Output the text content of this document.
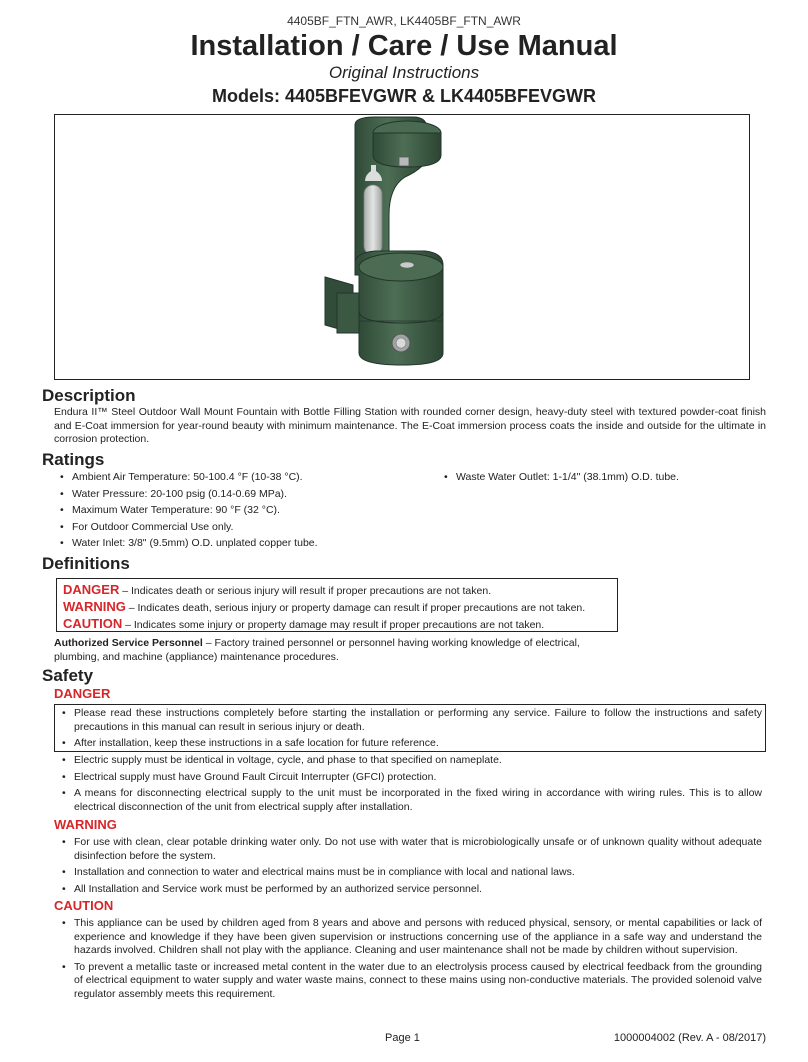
4405BF_FTN_AWR, LK4405BF_FTN_AWR
Installation / Care / Use Manual
Original Instructions
Models: 4405BFEVGWR & LK4405BFEVGWR
Description

Endura II™ Steel Outdoor Wall Mount Fountain with Bottle Filling Station with rounded corner design, heavy-duty steel with textured powder-coat finish and E-Coat immersion for year-round beauty with minimum maintenance. The E-Coat immersion process coats the inside and outside for the ultimate in corrosion protection.

Ratings
• Ambient Air Temperature: 50-100.4 °F (10-38 °C).
• Water Pressure: 20-100 psig (0.14-0.69 MPa).
• Maximum Water Temperature: 90 °F (32 °C).
• For Outdoor Commercial Use only.
• Water Inlet: 3/8" (9.5mm) O.D. unplated copper tube.
• Waste Water Outlet: 1-1/4" (38.1mm) O.D. tube.
Definitions
DANGER – Indicates death or serious injury will result if proper precautions are not taken.
WARNING – Indicates death, serious injury or property damage can result if proper precautions are not taken.
CAUTION – Indicates some injury or property damage may result if proper precautions are not taken.

Authorized Service Personnel – Factory trained personnel or personnel having working knowledge of electrical, plumbing, and machine (appliance) maintenance procedures.

Safety
DANGER
• Please read these instructions completely before starting the installation or performing any service. Failure to follow the instructions and safety precautions in this manual can result in serious injury or death.
• After installation, keep these instructions in a safe location for future reference.
• Electric supply must be identical in voltage, cycle, and phase to that specified on nameplate.
• Electrical supply must have Ground Fault Circuit Interrupter (GFCI) protection.
• A means for disconnecting electrical supply to the unit must be incorporated in the fixed wiring in accordance with wiring rules. This is to allow electrical disconnection of the unit from electrical supply after installation.
WARNING
• For use with clean, clear potable drinking water only. Do not use with water that is microbiologically unsafe or of unknown quality without adequate disinfection before the system.
• Installation and connection to water and electrical mains must be in compliance with local and national laws.
• All Installation and Service work must be performed by an authorized service personnel.
CAUTION
• This appliance can be used by children aged from 8 years and above and persons with reduced physical, sensory, or mental capabilities or lack of experience and knowledge if they have been given supervision or instructions concerning use of the appliance in a safe way and understand the hazards involved. Children shall not play with the appliance. Cleaning and user maintenance shall not be made by children without supervision.
• To prevent a metallic taste or increased metal content in the water due to an electrolysis process caused by electrical feedback from the grounding of electrical equipment to water supply and water waste mains, connect to these mains using non-conductive materials. The provided solenoid valve regulator assembly meets this requirement.
Page 1	1000004002 (Rev. A - 08/2017)
